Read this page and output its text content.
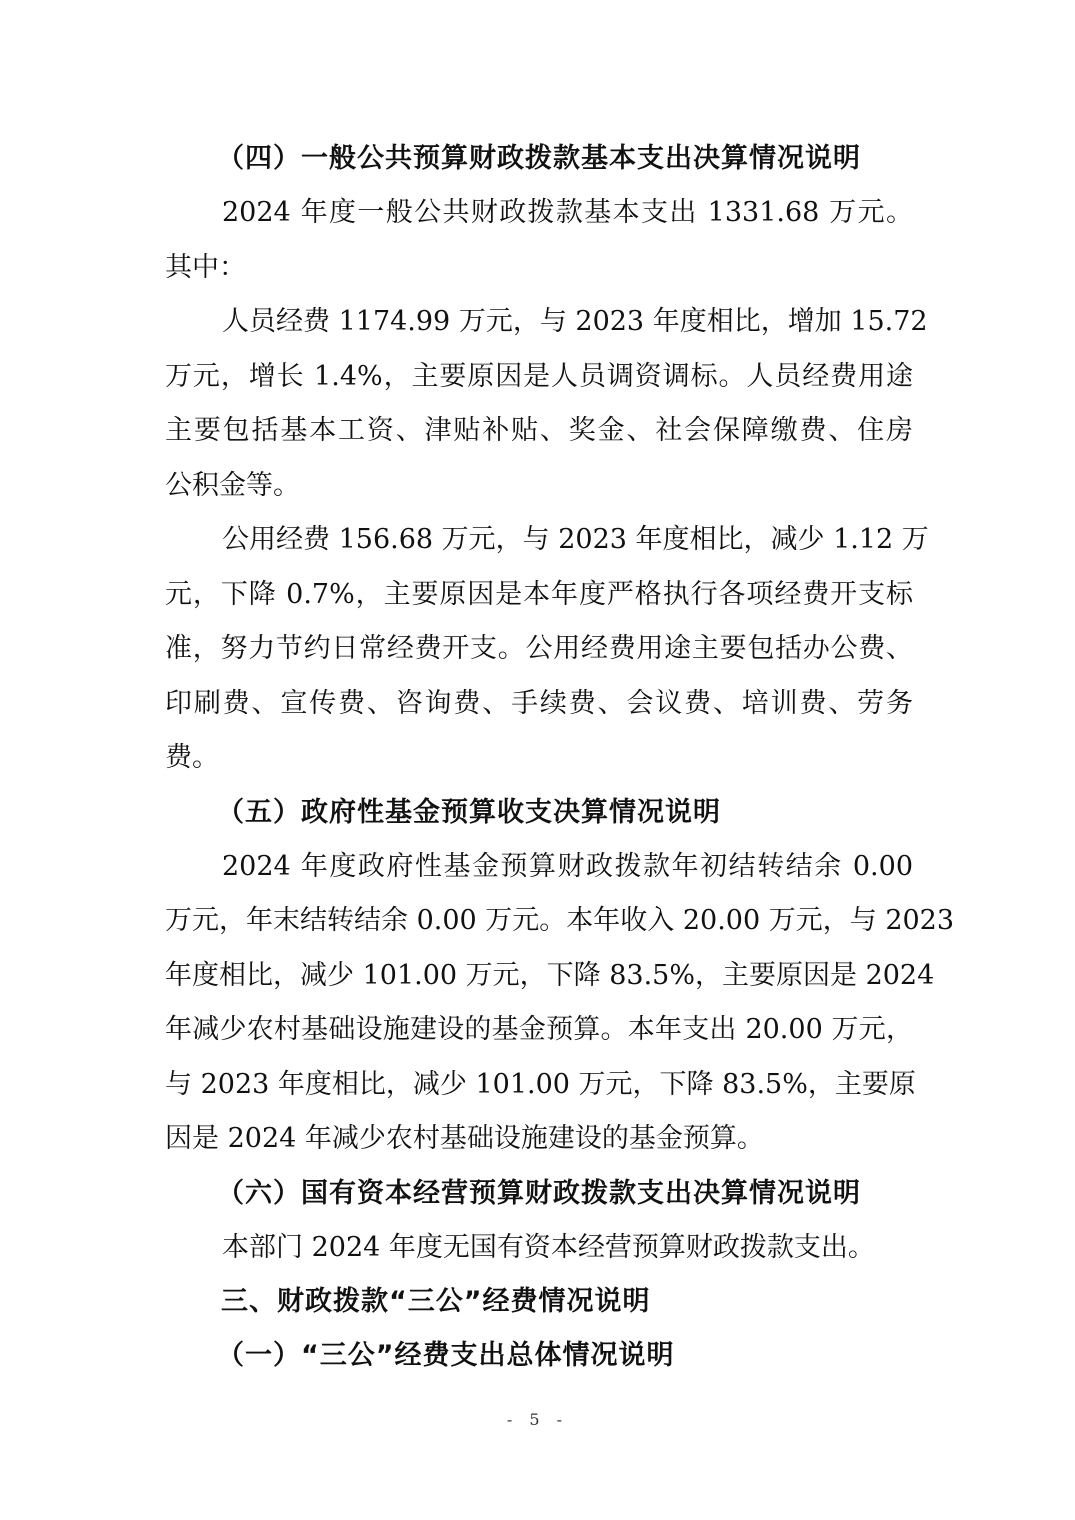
（四）一般公共预算财政拨款基本支出决算情况说明

2024 年度一般公共财政拨款基本支出 1331.68 万元。
其中：

人员经费 1174.99 万元，与 2023 年度相比，增加 15.72
万元，增长 1.4%，主要原因是人员调资调标。人员经费用途
主要包括基本工资、津贴补贴、奖金、社会保障缴费、住房
公积金等。

公用经费 156.68 万元，与 2023 年度相比，减少 1.12 万
元，下降 0.7%，主要原因是本年度严格执行各项经费开支标
准，努力节约日常经费开支。公用经费用途主要包括办公费、
印刷费、宣传费、咨询费、手续费、会议费、培训费、劳务
费。

（五）政府性基金预算收支决算情况说明

2024 年度政府性基金预算财政拨款年初结转结余 0.00
万元，年末结转结余 0.00 万元。本年收入 20.00 万元，与 2023
年度相比，减少 101.00 万元，下降 83.5%，主要原因是 2024
年减少农村基础设施建设的基金预算。本年支出 20.00 万元，
与 2023 年度相比，减少 101.00 万元，下降 83.5%，主要原
因是 2024 年减少农村基础设施建设的基金预算。

（六）国有资本经营预算财政拨款支出决算情况说明

本部门 2024 年度无国有资本经营预算财政拨款支出。

三、财政拨款“三公”经费情况说明
（一）“三公”经费支出总体情况说明
- 5 -
